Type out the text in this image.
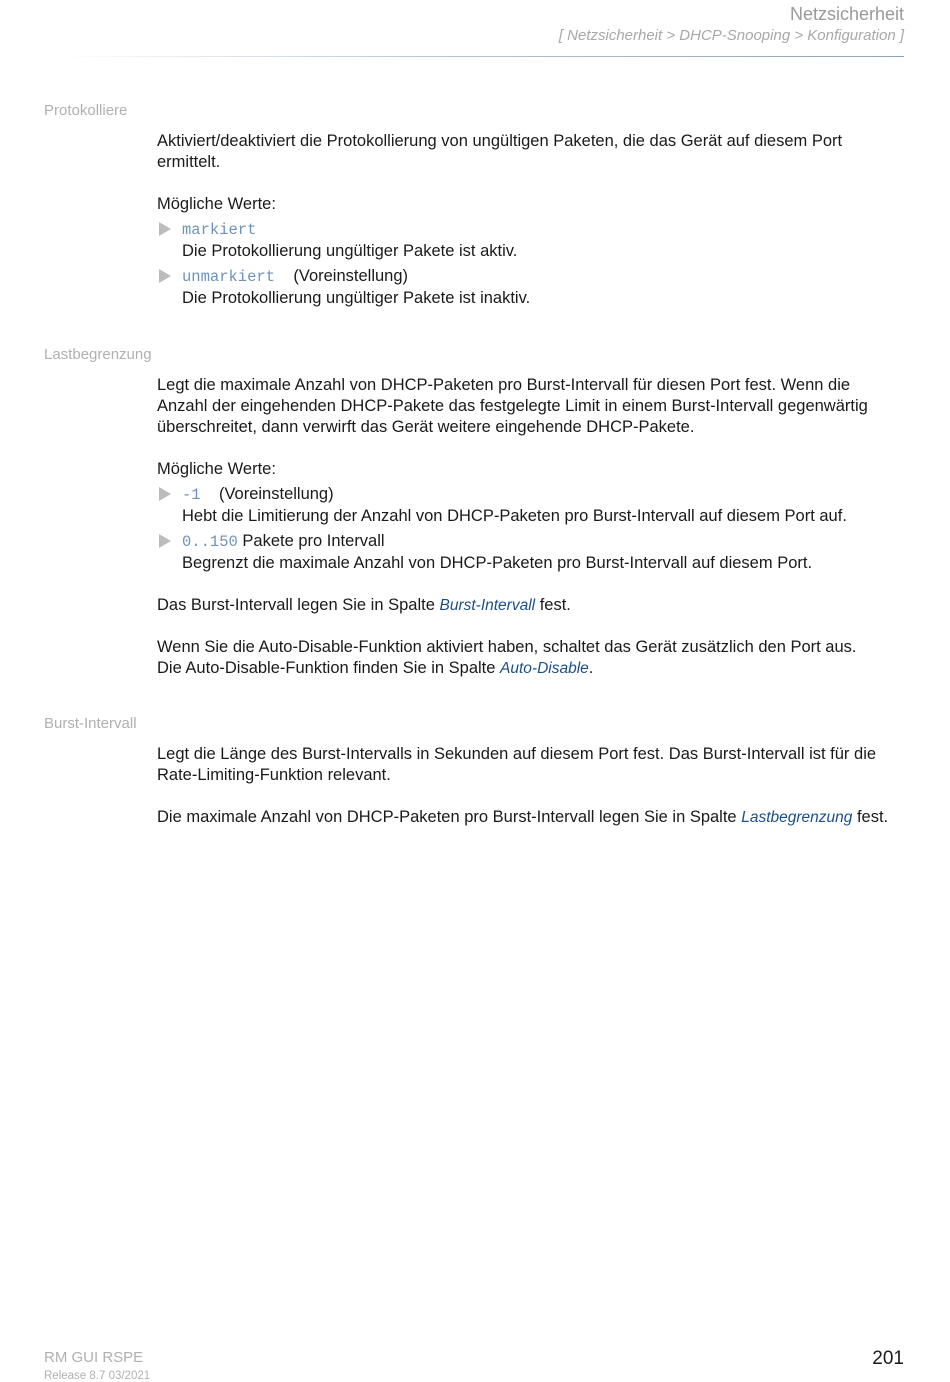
Netzsicherheit
[ Netzsicherheit > DHCP-Snooping > Konfiguration ]
Protokolliere

Aktiviert/deaktiviert die Protokollierung von ungültigen Paketen, die das Gerät auf diesem Port ermittelt.

Mögliche Werte:

markiert
Die Protokollierung ungültiger Pakete ist aktiv.
unmarkiert (Voreinstellung)
Die Protokollierung ungültiger Pakete ist inaktiv.
Lastbegrenzung

Legt die maximale Anzahl von DHCP-Paketen pro Burst-Intervall für diesen Port fest. Wenn die Anzahl der eingehenden DHCP-Pakete das festgelegte Limit in einem Burst-Intervall gegenwärtig überschreitet, dann verwirft das Gerät weitere eingehende DHCP-Pakete.

Mögliche Werte:

-1 (Voreinstellung)
Hebt die Limitierung der Anzahl von DHCP-Paketen pro Burst-Intervall auf diesem Port auf.
0..150 Pakete pro Intervall
Begrenzt die maximale Anzahl von DHCP-Paketen pro Burst-Intervall auf diesem Port.

Das Burst-Intervall legen Sie in Spalte Burst-Intervall fest.

Wenn Sie die Auto-Disable-Funktion aktiviert haben, schaltet das Gerät zusätzlich den Port aus.
Die Auto-Disable-Funktion finden Sie in Spalte Auto-Disable.

Burst-Intervall

Legt die Länge des Burst-Intervalls in Sekunden auf diesem Port fest. Das Burst-Intervall ist für die Rate-Limiting-Funktion relevant.

Die maximale Anzahl von DHCP-Paketen pro Burst-Intervall legen Sie in Spalte Lastbegrenzung fest.

RM GUI RSPE
Release 8.7 03/2021
201
